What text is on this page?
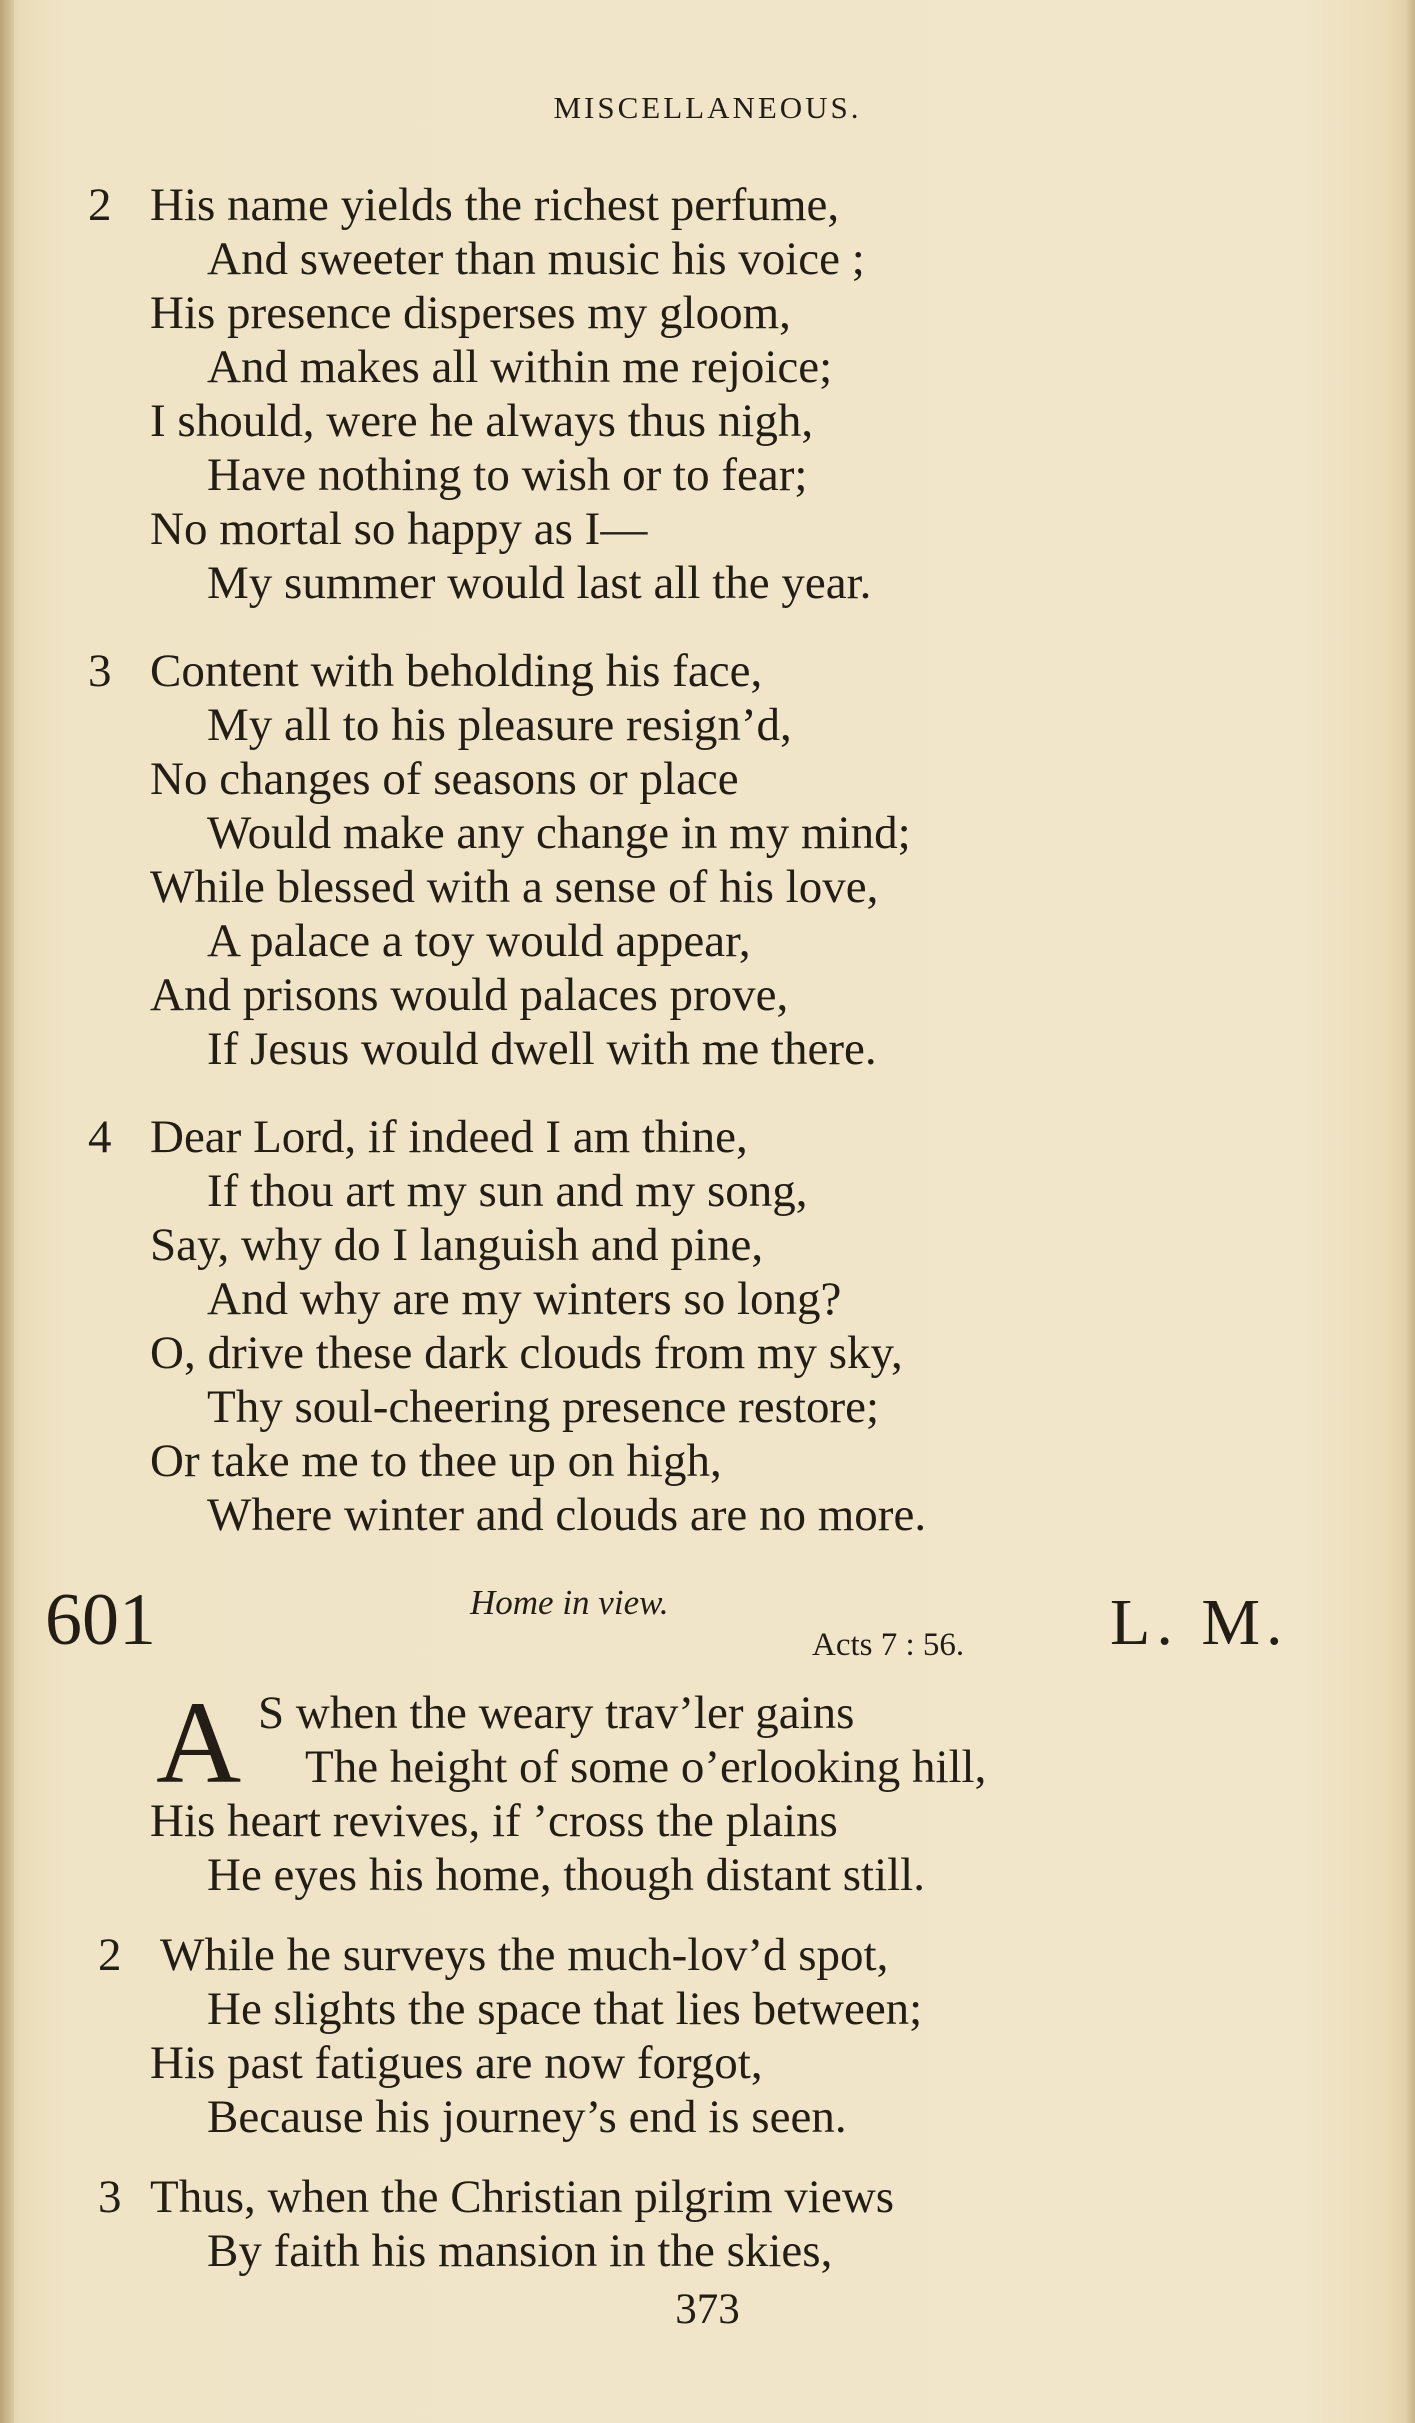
MISCELLANEOUS.
2 His name yields the richest perfume,
And sweeter than music his voice ;
His presence disperses my gloom,
And makes all within me rejoice;
I should, were he always thus nigh,
Have nothing to wish or to fear;
No mortal so happy as I—
My summer would last all the year.
3 Content with beholding his face,
My all to his pleasure resign’d,
No changes of seasons or place
Would make any change in my mind;
While blessed with a sense of his love,
A palace a toy would appear,
And prisons would palaces prove,
If Jesus would dwell with me there.
4 Dear Lord, if indeed I am thine,
If thou art my sun and my song,
Say, why do I languish and pine,
And why are my winters so long?
O, drive these dark clouds from my sky,
Thy soul-cheering presence restore;
Or take me to thee up on high,
Where winter and clouds are no more.
601	Home in view.
Acts 7 : 56. L. M.
A S when the weary trav’ler gains
The height of some o’erlooking hill,
His heart revives, if ’cross the plains
He eyes his home, though distant still.
2 While he surveys the much-lov’d spot,
He slights the space that lies between;
His past fatigues are now forgot,
Because his journey’s end is seen.
3 Thus, when the Christian pilgrim views
By faith his mansion in the skies,
373
